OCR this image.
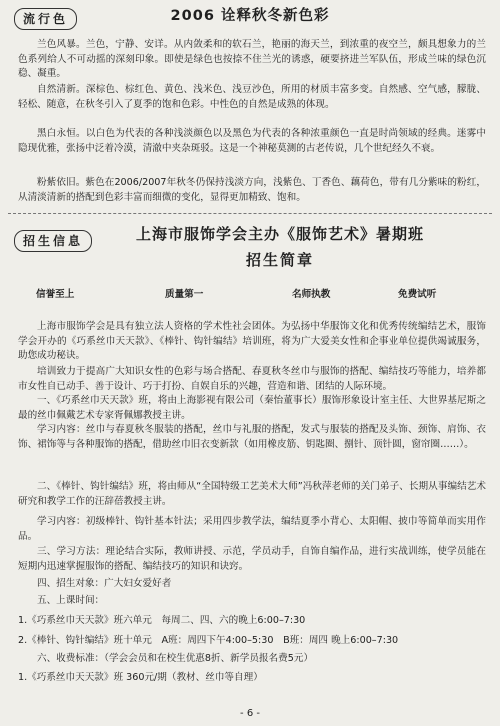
流行色	2006 诠释秋冬新色彩

兰色风暴。兰色，宁静、安详。从内敛柔和的软石兰，艳丽的海天兰，到浓重的夜空兰，颇具想象力的兰色系列给人不可动摇的深刻印象。即使是绿色也按捺不住兰光的诱惑，硬要挤进兰军队伍，形成兰味的绿色沉稳、凝重。

自然清新。深棕色、棕红色、黄色、浅米色、浅豆沙色，所用的材质丰富多变。自然感、空气感，朦胧、轻松、随意，在秋冬引入了夏季的饱和色彩。中性色的自然是成熟的体现。

黑白永恒。以白色为代表的各种浅淡颜色以及黑色为代表的各种浓重颜色一直是时尚领域的经典。迷雾中隐现优雅，张扬中泛着冷漠，清澈中夹杂斑驳。这是一个神秘莫测的古老传说，几个世纪经久不衰。

粉紫依旧。紫色在2006/2007年秋冬仍保持浅淡方向，浅紫色、丁香色、藕荷色，带有几分紫味的粉红，从清淡清新的搭配到色彩丰富而细微的变化，显得更加精致、饱和。

招生信息	上海市服饰学会主办《服饰艺术》暑期班
招生简章
信誉至上	质量第一	名师执教	免费试听

上海市服饰学会是具有独立法人资格的学术性社会团体。为弘扬中华服饰文化和优秀传统编结艺术，服饰学会开办的《巧系丝巾天天款》、《棒针、钩针编结》培训班，将为广大爱美女性和企事业单位提供竭诚服务，助您成功秘诀。

培训致力于提高广大知识女性的色彩与场合搭配、春夏秋冬丝巾与服饰的搭配、编结技巧等能力，培养都市女性自已动手、善于设计、巧于打扮、自娱自乐的兴趣，营造和谐、团结的人际环境。

一、《巧系丝巾天天款》班，将由上海影视有限公司（秦怡董事长）服饰形象设计室主任、大世界基尼斯之最的丝巾佩戴艺术专家胥佩娜教授主讲。

学习内容：丝巾与春夏秋冬服装的搭配，丝巾与礼服的搭配，发式与服装的搭配及头饰、颈饰、肩饰、衣饰、裙饰等与各种服饰的搭配，借助丝巾旧衣变新款（如用橡皮筋、钥匙圈、捌针、顶针圆，窗帘圈……）。

二、《棒针、钩针编结》班，将由师从“全国特级工艺美术大师”冯秋萍老师的关门弟子、长期从事编结艺术研究和教学工作的汪辞蓓教授主讲。

学习内容：初级棒针、钩针基本针法；采用四步教学法，编结夏季小背心、太阳帽、披巾等简单而实用作品。

三、学习方法：理论结合实际，教师讲授、示范，学员动手，自饰自编作品，进行实战训练，使学员能在短期内迅速掌握服饰的搭配、编结技巧的知识和诀窍。

四、招生对象：广大妇女爱好者

五、上课时间：

1.《巧系丝巾天天款》班六单元　每周二、四、六的晚上6:00–7:30

2.《棒针、钩针编结》班十单元　A班：周四下午4:00–5:30　B班：周四 晚上6:00–7:30

六、收费标准：（学会会员和在校生优惠8折、新学员报名费5元）

1.《巧系丝巾天天款》班 360元/期（教材、丝巾等自理）

- 6 -
